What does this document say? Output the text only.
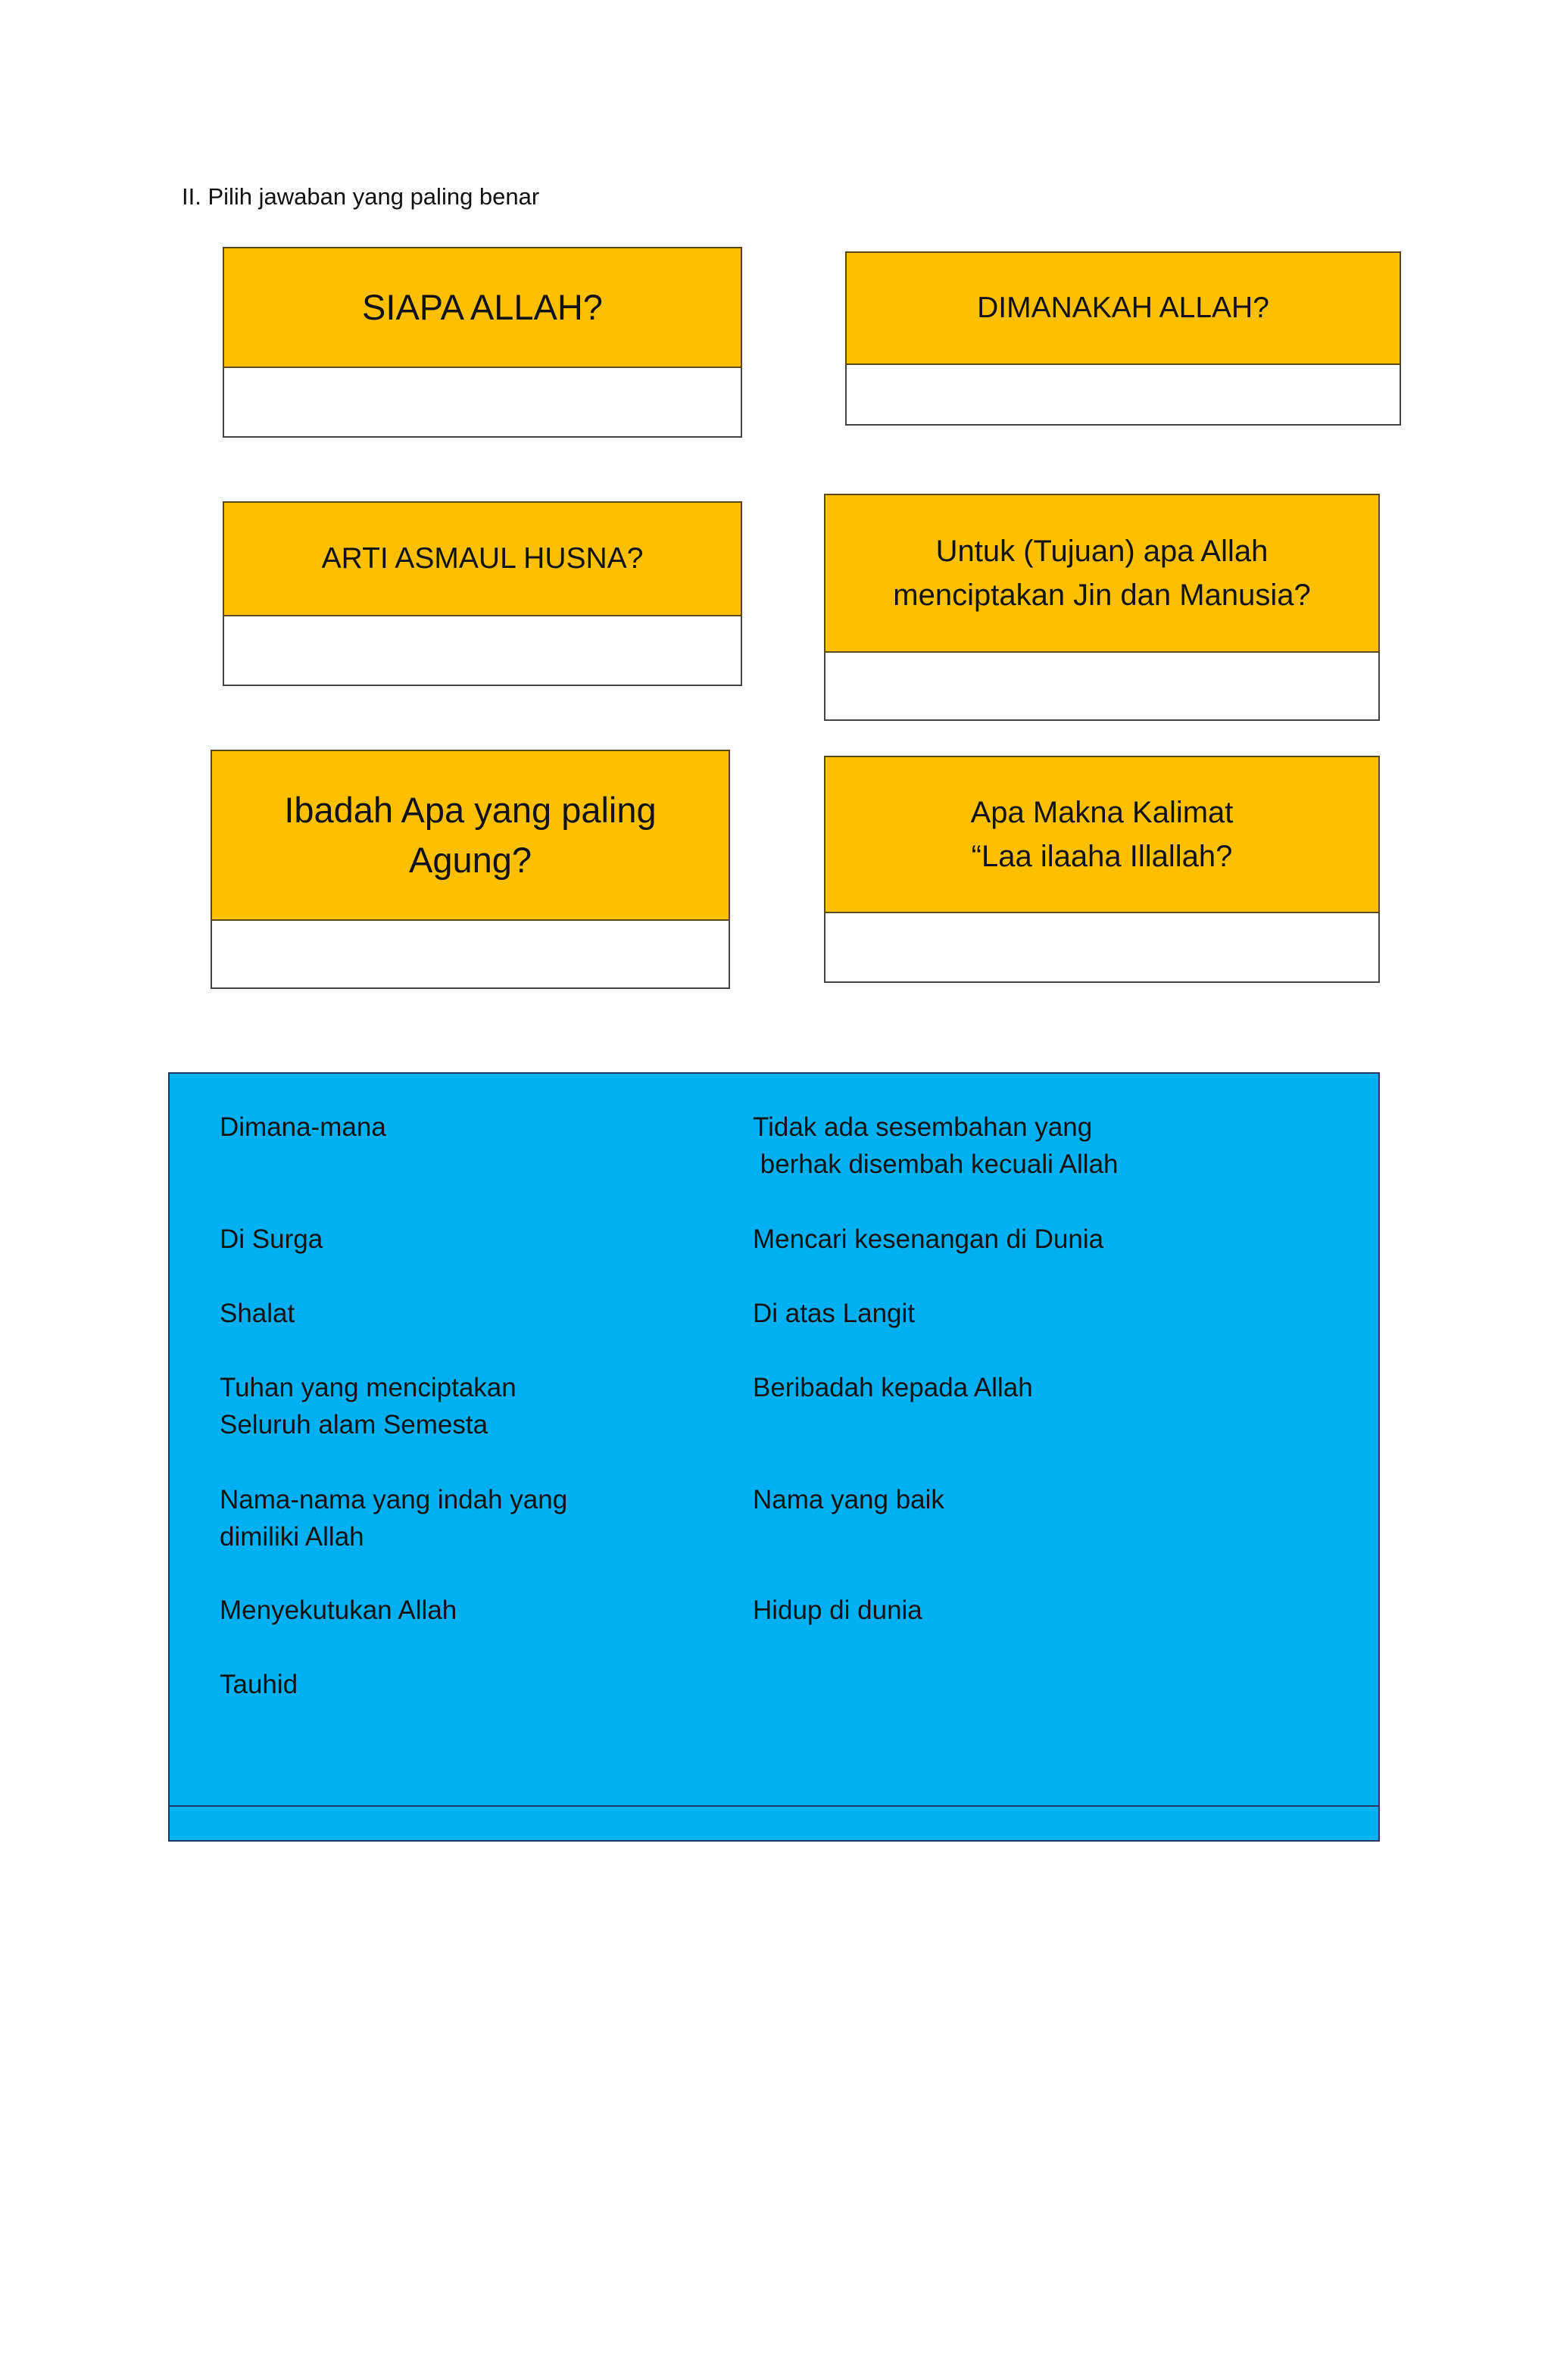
II. Pilih jawaban yang paling benar
SIAPA ALLAH?	DIMANAKAH ALLAH?
ARTI ASMAUL HUSNA?	Untuk (Tujuan) apa Allah
menciptakan Jin dan Manusia?
Ibadah Apa yang paling
Agung?
Apa Makna Kalimat
“Laa ilaaha Illallah?
Dimana-mana
Di Surga
Shalat
Tuhan yang menciptakan
Seluruh alam Semesta
Nama-nama yang indah yang
dimiliki Allah
Menyekutukan Allah
Tauhid
Tidak ada sesembahan yang
berhak disembah kecuali Allah
Mencari kesenangan di Dunia
Di atas Langit
Beribadah kepada Allah
Nama yang baik
Hidup di dunia
